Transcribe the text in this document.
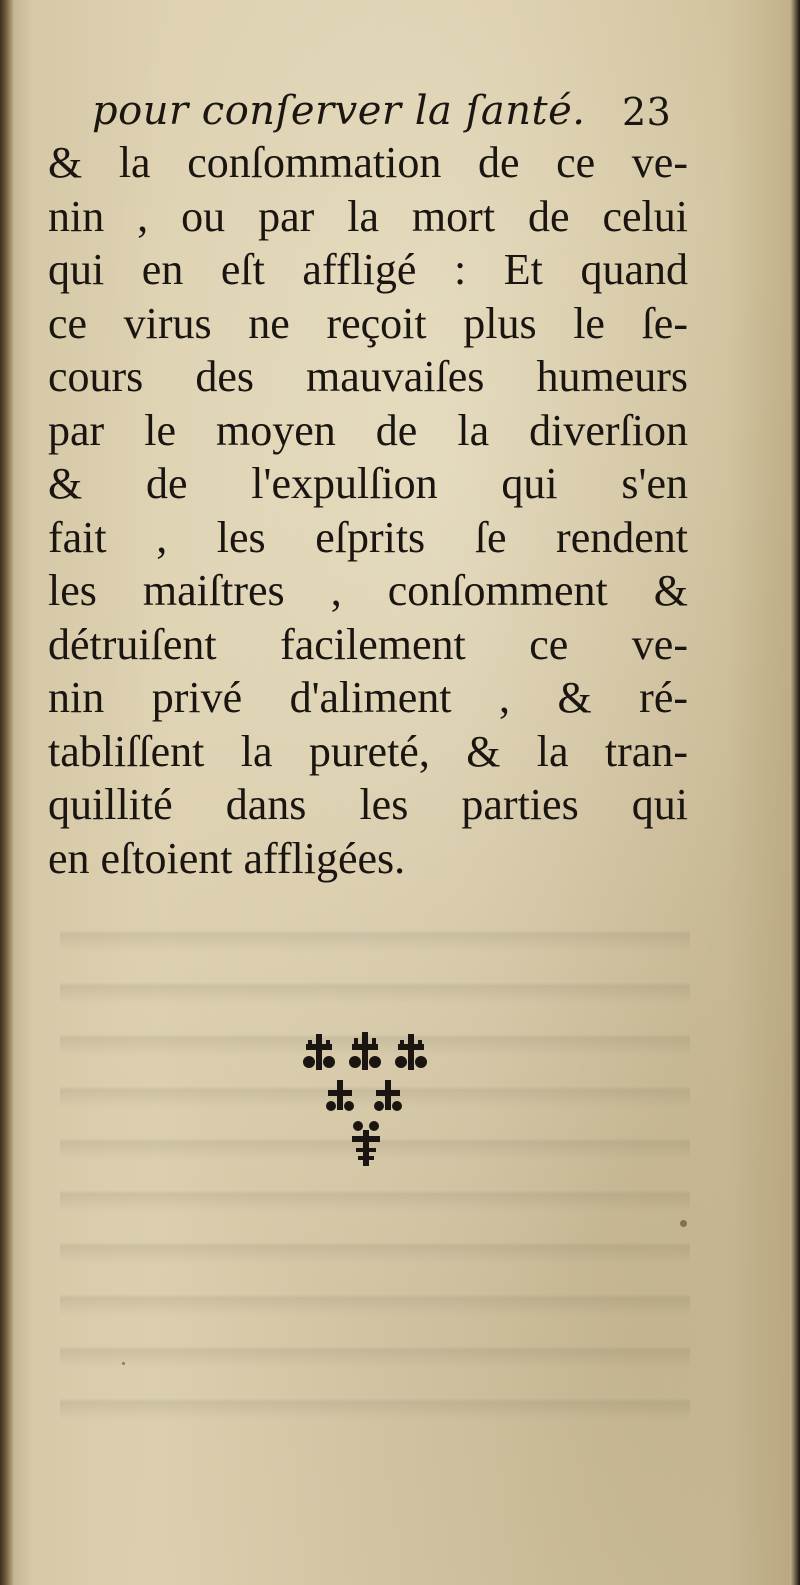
pour conſerver la ſanté. 23
& la conſommation de ce ve-
nin , ou par la mort de celui
qui en eſt affligé : Et quand
ce virus ne reçoit plus le ſe-
cours des mauvaiſes humeurs
par le moyen de la diverſion
& de l'expulſion qui s'en
fait , les eſprits ſe rendent
les maiſtres , conſomment &
détruiſent facilement ce ve-
nin privé d'aliment , & ré-
tabliſſent la pureté, & la tran-
quillité dans les parties qui
en eſtoient affligées.
